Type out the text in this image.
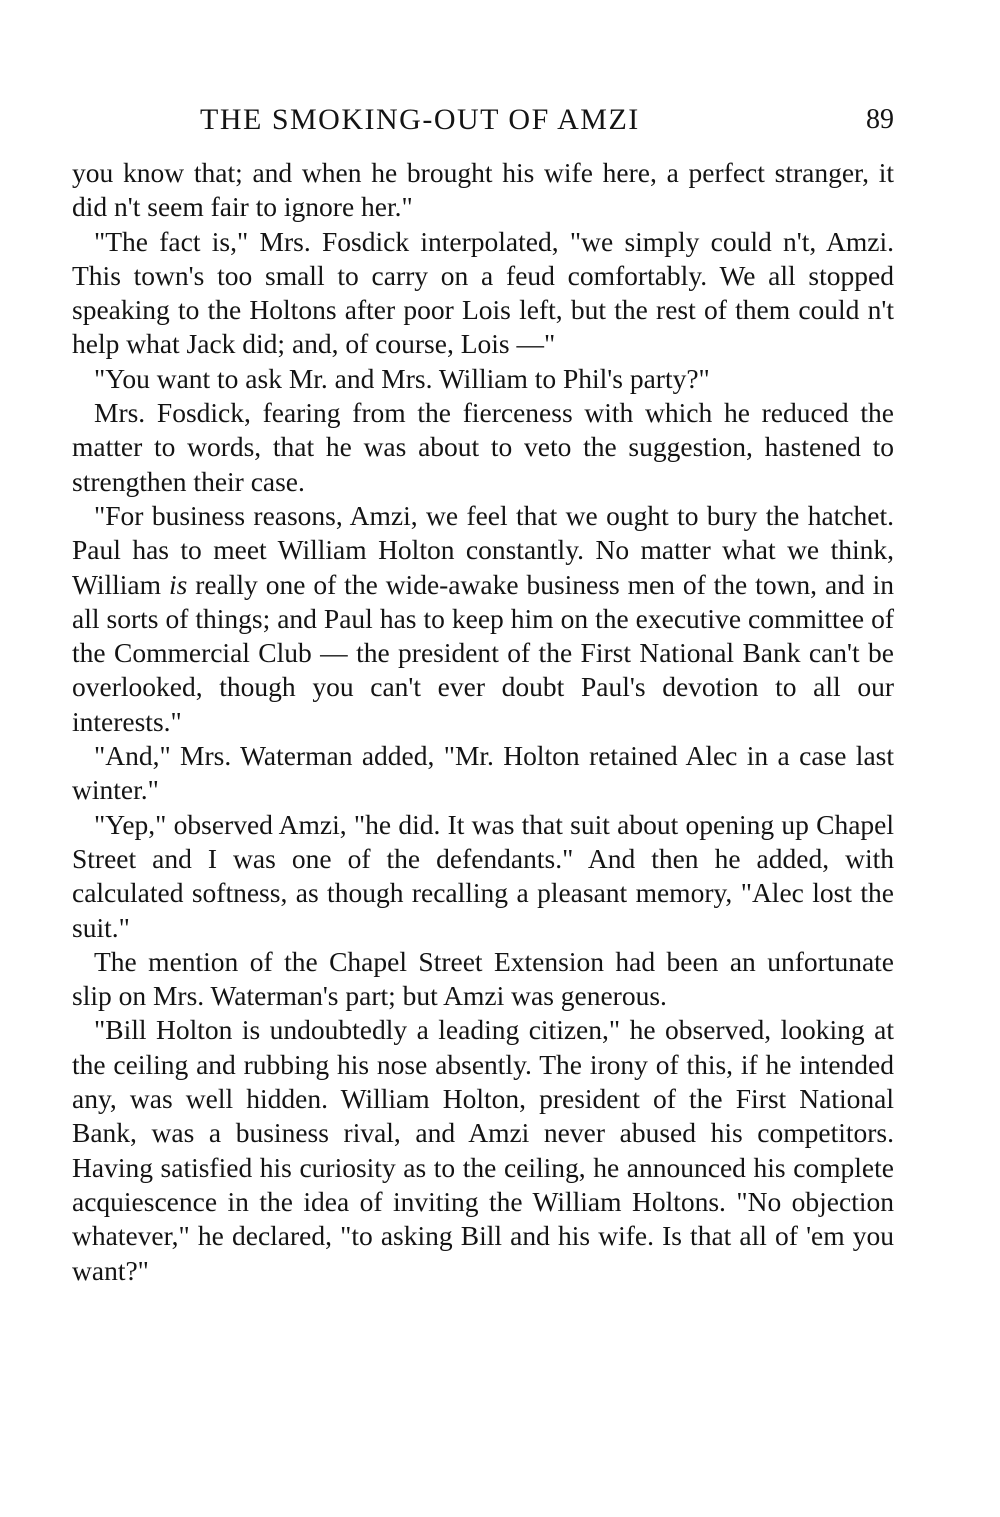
THE SMOKING-OUT OF AMZI	89

you know that; and when he brought his wife here, a perfect stranger, it did n't seem fair to ignore her."

"The fact is," Mrs. Fosdick interpolated, "we simply could n't, Amzi. This town's too small to carry on a feud comfortably. We all stopped speaking to the Holtons after poor Lois left, but the rest of them could n't help what Jack did; and, of course, Lois —"

"You want to ask Mr. and Mrs. William to Phil's party?"

Mrs. Fosdick, fearing from the fierceness with which he reduced the matter to words, that he was about to veto the suggestion, hastened to strengthen their case.

"For business reasons, Amzi, we feel that we ought to bury the hatchet. Paul has to meet William Holton constantly. No matter what we think, William is really one of the wide-awake business men of the town, and in all sorts of things; and Paul has to keep him on the executive committee of the Commercial Club — the president of the First National Bank can't be overlooked, though you can't ever doubt Paul's devotion to all our interests."

"And," Mrs. Waterman added, "Mr. Holton retained Alec in a case last winter."

"Yep," observed Amzi, "he did. It was that suit about opening up Chapel Street and I was one of the defendants." And then he added, with calculated softness, as though recalling a pleasant memory, "Alec lost the suit."

The mention of the Chapel Street Extension had been an unfortunate slip on Mrs. Waterman's part; but Amzi was generous.

"Bill Holton is undoubtedly a leading citizen," he observed, looking at the ceiling and rubbing his nose absently. The irony of this, if he intended any, was well hidden. William Holton, president of the First National Bank, was a business rival, and Amzi never abused his competitors. Having satisfied his curiosity as to the ceiling, he announced his complete acquiescence in the idea of inviting the William Holtons. "No objection whatever," he declared, "to asking Bill and his wife. Is that all of 'em you want?"
